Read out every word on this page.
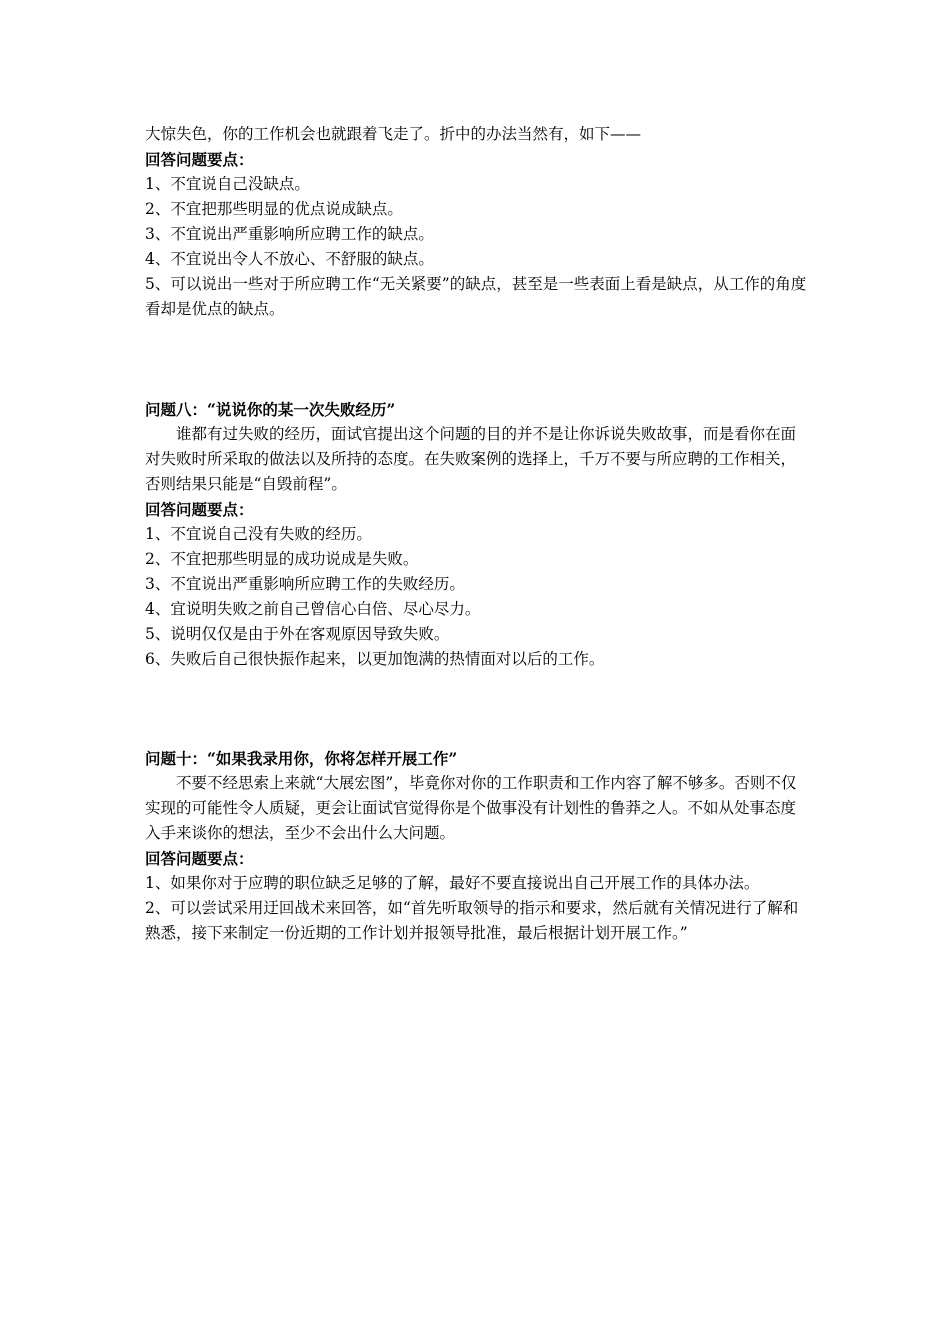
大惊失色，你的工作机会也就跟着飞走了。折中的办法当然有，如下——

回答问题要点：

1、不宜说自己没缺点。

2、不宜把那些明显的优点说成缺点。

3、不宜说出严重影响所应聘工作的缺点。

4、不宜说出令人不放心、不舒服的缺点。

5、可以说出一些对于所应聘工作“无关紧要”的缺点，甚至是一些表面上看是缺点，从工作的角度看却是优点的缺点。

问题八：“说说你的某一次失败经历”

谁都有过失败的经历，面试官提出这个问题的目的并不是让你诉说失败故事，而是看你在面对失败时所采取的做法以及所持的态度。在失败案例的选择上，千万不要与所应聘的工作相关，否则结果只能是“自毁前程”。

回答问题要点：

1、不宜说自己没有失败的经历。

2、不宜把那些明显的成功说成是失败。

3、不宜说出严重影响所应聘工作的失败经历。

4、宜说明失败之前自己曾信心白倍、尽心尽力。

5、说明仅仅是由于外在客观原因导致失败。

6、失败后自己很快振作起来，以更加饱满的热情面对以后的工作。

问题十：“如果我录用你，你将怎样开展工作”

不要不经思索上来就“大展宏图”，毕竟你对你的工作职责和工作内容了解不够多。否则不仅实现的可能性令人质疑，更会让面试官觉得你是个做事没有计划性的鲁莽之人。不如从处事态度入手来谈你的想法，至少不会出什么大问题。

回答问题要点：

1、如果你对于应聘的职位缺乏足够的了解，最好不要直接说出自己开展工作的具体办法。

2、可以尝试采用迂回战术来回答，如“首先听取领导的指示和要求，然后就有关情况进行了解和熟悉，接下来制定一份近期的工作计划并报领导批准，最后根据计划开展工作。”
